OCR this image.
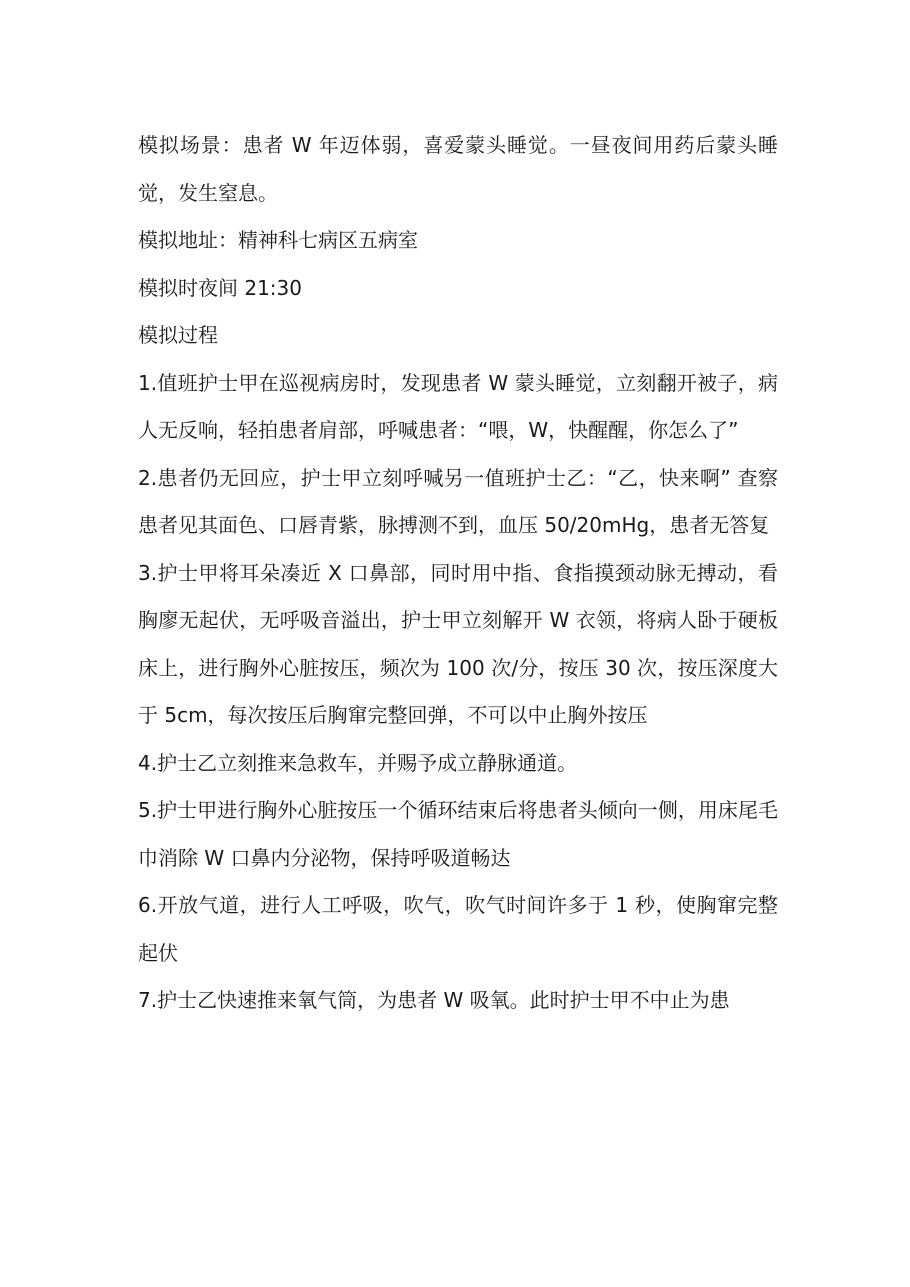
模拟场景：患者 W 年迈体弱，喜爱蒙头睡觉。一昼夜间用药后蒙头睡觉，发生窒息。

模拟地址：精神科七病区五病室

模拟时夜间 21:30

模拟过程

1.值班护士甲在巡视病房时，发现患者 W 蒙头睡觉，立刻翻开被子，病人无反响，轻拍患者肩部，呼喊患者：“喂，W，快醒醒，你怎么了”

2.患者仍无回应，护士甲立刻呼喊另一值班护士乙：“乙，快来啊” 查察患者见其面色、口唇青紫，脉搏测不到，血压 50/20mHg，患者无答复

3.护士甲将耳朵凑近 X 口鼻部，同时用中指、食指摸颈动脉无搏动，看胸廖无起伏，无呼吸音溢出，护士甲立刻解开 W 衣领，将病人卧于硬板床上，进行胸外心脏按压，频次为 100 次/分，按压 30 次，按压深度大于 5cm，每次按压后胸窜完整回弹，不可以中止胸外按压

4.护士乙立刻推来急救车，并赐予成立静脉通道。

5.护士甲进行胸外心脏按压一个循环结束后将患者头倾向一侧，用床尾毛巾消除 W 口鼻内分泌物，保持呼吸道畅达

6.开放气道，进行人工呼吸，吹气，吹气时间许多于 1 秒，使胸窜完整起伏

7.护士乙快速推来氧气筒，为患者 W 吸氧。此时护士甲不中止为患
